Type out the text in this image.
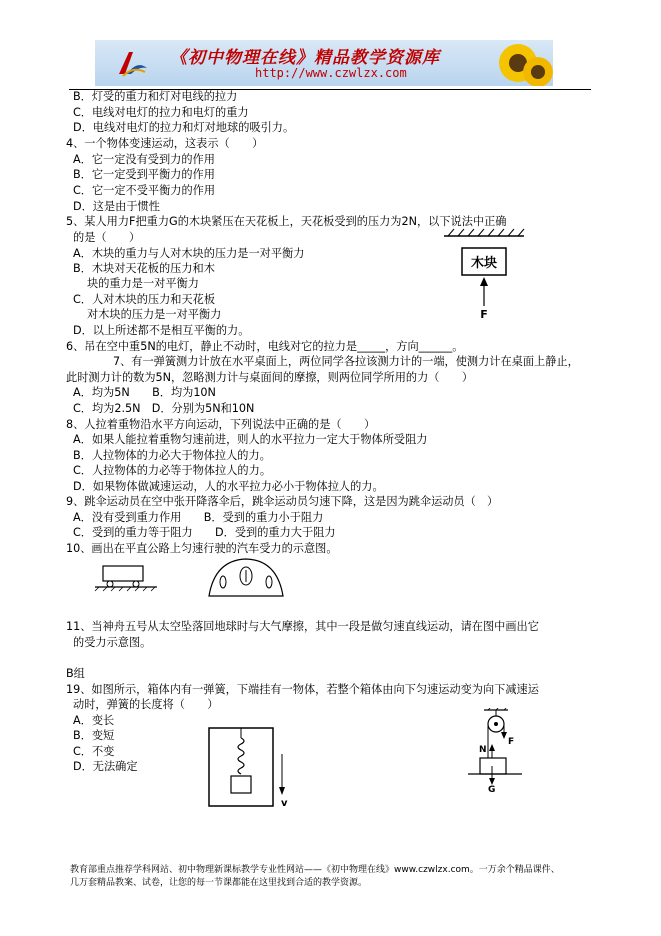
《初中物理在线》精品教学资源库
http://www.czwlzx.com
B．灯受的重力和灯对电线的拉力
C．电线对电灯的拉力和电灯的重力
D．电线对电灯的拉力和灯对地球的吸引力。
4、一个物体变速运动，这表示（　　）
A．它一定没有受到力的作用
B．它一定受到平衡力的作用
C．它一定不受平衡力的作用
D．这是由于惯性
5、某人用力F把重力G的木块紧压在天花板上，天花板受到的压力为2N，以下说法中正确
的是（　　）
A．木块的重力与人对木块的压力是一对平衡力
B．木块对天花板的压力和木
块的重力是一对平衡力
C．人对木块的压力和天花板
对木块的压力是一对平衡力
D．以上所述都不是相互平衡的力。
6、吊在空中重5N的电灯，静止不动时，电线对它的拉力是_____，方向______。
7、有一弹簧测力计放在水平桌面上，两位同学各拉该测力计的一端，使测力计在桌面上静止，
此时测力计的数为5N，忽略测力计与桌面间的摩擦，则两位同学所用的力（　　）
A．均为5N　　B．均为10N
C．均为2.5N　D．分别为5N和10N
8、人拉着重物沿水平方向运动，下列说法中正确的是（　　）
A．如果人能拉着重物匀速前进，则人的水平拉力一定大于物体所受阻力
B．人拉物体的力必大于物体拉人的力。
C．人拉物体的力必等于物体拉人的力。
D．如果物体做减速运动，人的水平拉力必小于物体拉人的力。
9、跳伞运动员在空中张开降落伞后，跳伞运动员匀速下降，这是因为跳伞运动员（　）
A．没有受到重力作用　　B．受到的重力小于阻力
C．受到的重力等于阻力　　D．受到的重力大于阻力
10、画出在平直公路上匀速行驶的汽车受力的示意图。
11、当神舟五号从太空坠落回地球时与大气摩擦，其中一段是做匀速直线运动，请在图中画出它
的受力示意图。
B组
19、如图所示，箱体内有一弹簧，下端挂有一物体，若整个箱体由向下匀速运动变为向下减速运
动时，弹簧的长度将（　　）
A．变长
B．变短
C．不变
D．无法确定
木块
F
v
F
N
G
教育部重点推荐学科网站、初中物理新课标教学专业性网站——《初中物理在线》www.czwlzx.com。一万余个精品课件、
几万套精品教案、试卷，让您的每一节课都能在这里找到合适的教学资源。
